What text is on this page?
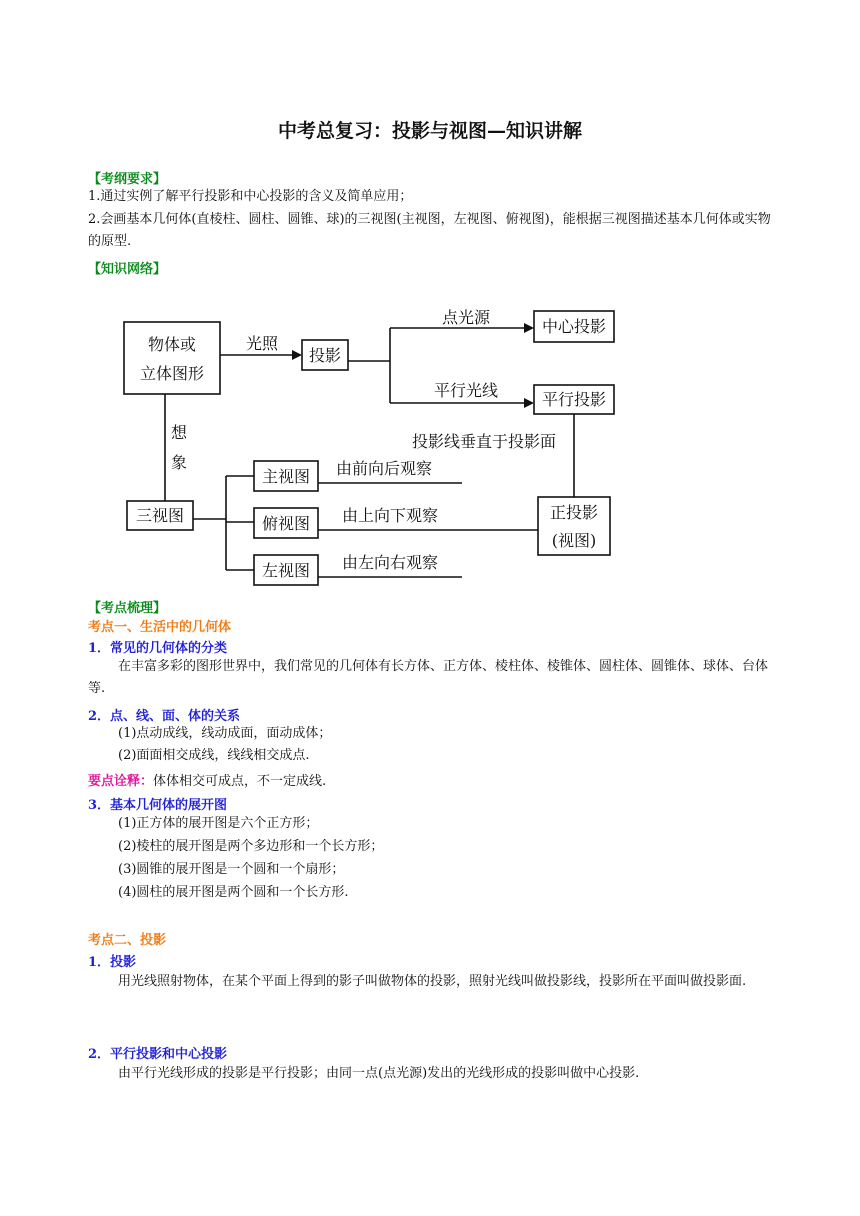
中考总复习：投影与视图—知识讲解
【考纲要求】
1.通过实例了解平行投影和中心投影的含义及简单应用；
2.会画基本几何体(直棱柱、圆柱、圆锥、球)的三视图(主视图，左视图、俯视图)，能根据三视图描述基本几何体或实物的原型.
【知识网络】
物体或
立体图形
投影
中心投影
平行投影
三视图
主视图
俯视图
左视图
正投影
(视图)
光照
点光源
平行光线
投影线垂直于投影面
想
象	由前向后观察
由上向下观察
由左向右观察
【考点梳理】
考点一、生活中的几何体
1．常见的几何体的分类
在丰富多彩的图形世界中，我们常见的几何体有长方体、正方体、棱柱体、棱锥体、圆柱体、圆锥体、球体、台体等.
2．点、线、面、体的关系
(1)点动成线，线动成面，面动成体；
(2)面面相交成线，线线相交成点.
要点诠释：体体相交可成点，不一定成线.
3．基本几何体的展开图
(1)正方体的展开图是六个正方形；
(2)棱柱的展开图是两个多边形和一个长方形；
(3)圆锥的展开图是一个圆和一个扇形；
(4)圆柱的展开图是两个圆和一个长方形.
考点二、投影
1．投影
用光线照射物体，在某个平面上得到的影子叫做物体的投影，照射光线叫做投影线，投影所在平面叫做投影面.
2．平行投影和中心投影
由平行光线形成的投影是平行投影；由同一点(点光源)发出的光线形成的投影叫做中心投影.
